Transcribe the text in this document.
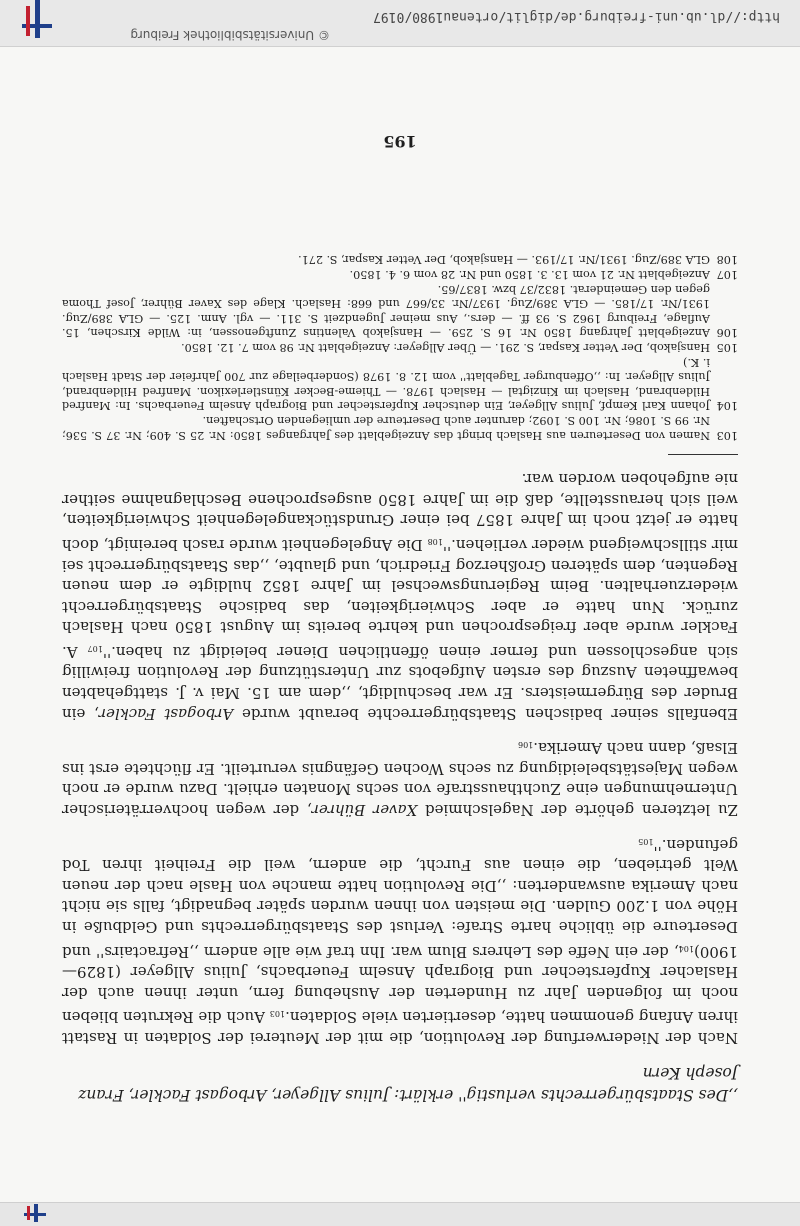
,,Des Staatsbürgerrechts verlustig'' erklärt: Julius Allgeyer, Arbogast Fackler, Franz Joseph Kern

Nach der Niederwerfung der Revolution, die mit der Meuterei der Soldaten in Rastatt ihren Anfang genommen hatte, desertierten viele Soldaten.$^{103}$ Auch die Rekruten blieben noch im folgenden Jahr zu Hunderten der Aushebung fern, unter ihnen auch der Haslacher Kupferstecher und Biograph Anselm Feuerbachs, Julius Allgeyer (1829—1900)$^{104}$, der ein Neffe des Lehrers Blum war. Ihn traf wie alle andern ,,Refractairs'' und Deserteure die übliche harte Strafe: Verlust des Staatsbürgerrechts und Geldbuße in Höhe von 1.200 Gulden. Die meisten von ihnen wurden später begnadigt, falls sie nicht nach Amerika auswanderten: ,,Die Revolution hatte manche von Hasle nach der neuen Welt getrieben, die einen aus Furcht, die andern, weil die Freiheit ihren Tod $gefunden.''^{105}$

Zu letzteren gehörte der Nagelschmied Xaver Bührer, der wegen hochverräterischer Unternehmungen eine Zuchthausstrafe von sechs Monaten erhielt. Dazu wurde er noch wegen Majestätsbeleidigung zu sechs Wochen Gefängnis verurteilt. Er flüchtete erst ins Elsaß, dann nach Amerika.$^{106}$

Ebenfalls seiner badischen Staatsbürgerrechte beraubt wurde Arbogast Fackler, ein Bruder des Bürgermeisters. Er war beschuldigt, ,,dem am 15. Mai v. J. stattgehabten bewaffneten Auszug des ersten Aufgebots zur Unterstützung der Revolution freiwillig sich angeschlossen und ferner einen öffentlichen Diener beleidigt zu $haben.''^{107}$ A. Fackler wurde aber freigesprochen und kehrte bereits im August 1850 nach Haslach zurück. Nun hatte er aber Schwierigkeiten, das badische Staatsbürgerrecht wiederzuerhalten. Beim Regierungswechsel im Jahre 1852 huldigte er dem neuen Regenten, dem späteren Großherzog Friedrich, und glaubte, ,,das Staatsbürgerrecht sei mir stillschweigend wieder $verliehen.''^{108}$ Die Angelegenheit wurde rasch bereinigt, doch hatte er jetzt noch im Jahre 1857 bei einer Grundstückangelegenheit Schwierigkeiten, weil sich herausstellte, daß die im Jahre 1850 ausgesprochene Beschlagnahme seither nie aufgehoben worden war.

103
Namen von Deserteuren aus Haslach bringt das Anzeigeblatt des Jahrganges 1850: Nr. 25 S. 409; Nr. 37 S. 536; Nr. 99 S. 1086; Nr. 100 S. 1092; darunter auch Deserteure der umliegenden Ortschaften.
104
Johann Karl Kempf, Julius Allgeyer, Ein deutscher Kupferstecher und Biograph Anselm Feuerbachs. In: Manfred Hildenbrand, Haslach im Kinzigtal — Haslach 1978. — Thieme-Becker Künstlerlexikon. Manfred Hildenbrand, Julius Allgeyer. In: ,,Offenburger Tageblatt'' vom 12. 8. 1978 (Sonderbeilage zur 700 Jahrfeier der Stadt Haslach i. K.)
105
Hansjakob, Der Vetter Kaspar, S. 291. — Über Allgeyer: Anzeigeblatt Nr. 98 vom 7. 12. 1850.
106
Anzeigeblatt Jahrgang 1850 Nr. 16 S. 259. — Hansjakob Valentins Zunftgenossen, in: Wilde Kirschen, 15. Auflage, Freiburg 1962 S. 93 ff. — ders., Aus meiner Jugendzeit S. 311. — vgl. Anm. 125. — GLA 389/Zug. 1931/Nr. 17/185. — GLA 389/Zug. 1937/Nr. 33/667 und 668: Haslach. Klage des Xaver Bührer, Josef Thoma gegen den Gemeinderat. 1832/37 bzw. 1837/65.
107
Anzeigeblatt Nr. 21 vom 13. 3. 1850 und Nr. 28 vom 6. 4. 1850.
108
GLA 389/Zug. 1931/Nr. 17/193. — Hansjakob, Der Vetter Kaspar, S. 271.
195
© Universitätsbibliothek Freiburg
http://dl.ub.uni-freiburg.de/diglit/ortenau1980/0197
